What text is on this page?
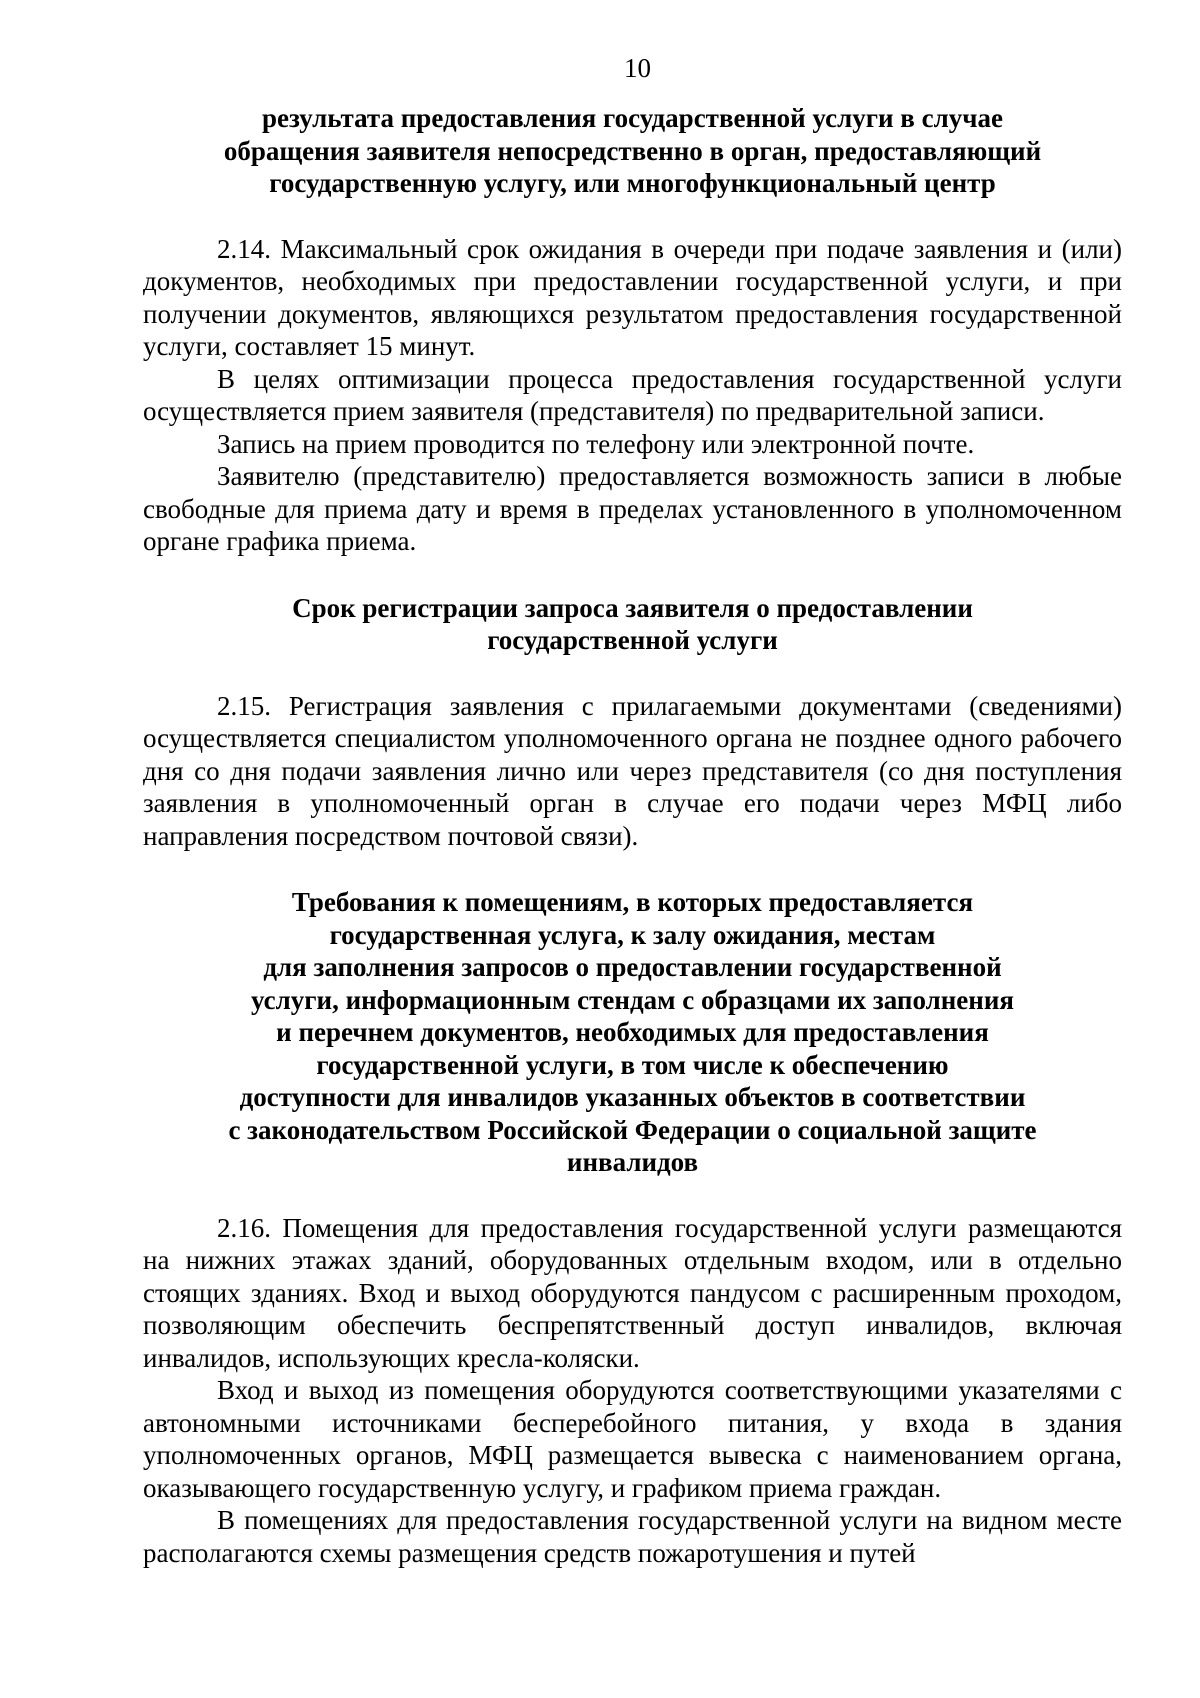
10
результата предоставления государственной услуги в случае
обращения заявителя непосредственно в орган, предоставляющий
государственную услугу, или многофункциональный центр

2.14. Максимальный срок ожидания в очереди при подаче заявления и (или) документов, необходимых при предоставлении государственной услуги, и при получении документов, являющихся результатом предоставления государственной услуги, составляет 15 минут.

В целях оптимизации процесса предоставления государственной услуги осуществляется прием заявителя (представителя) по предварительной записи.

Запись на прием проводится по телефону или электронной почте.

Заявителю (представителю) предоставляется возможность записи в любые свободные для приема дату и время в пределах установленного в уполномоченном органе графика приема.

Срок регистрации запроса заявителя о предоставлении
государственной услуги

2.15. Регистрация заявления с прилагаемыми документами (сведениями) осуществляется специалистом уполномоченного органа не позднее одного рабочего дня со дня подачи заявления лично или через представителя (со дня поступления заявления в уполномоченный орган в случае его подачи через МФЦ либо направления посредством почтовой связи).

Требования к помещениям, в которых предоставляется
государственная услуга, к залу ожидания, местам
для заполнения запросов о предоставлении государственной
услуги, информационным стендам с образцами их заполнения
и перечнем документов, необходимых для предоставления
государственной услуги, в том числе к обеспечению
доступности для инвалидов указанных объектов в соответствии
с законодательством Российской Федерации о социальной защите
инвалидов

2.16. Помещения для предоставления государственной услуги размещаются на нижних этажах зданий, оборудованных отдельным входом, или в отдельно стоящих зданиях. Вход и выход оборудуются пандусом с расширенным проходом, позволяющим обеспечить беспрепятственный доступ инвалидов, включая инвалидов, использующих кресла-коляски.

Вход и выход из помещения оборудуются соответствующими указателями с автономными источниками бесперебойного питания, у входа в здания уполномоченных органов, МФЦ размещается вывеска с наименованием органа, оказывающего государственную услугу, и графиком приема граждан.

В помещениях для предоставления государственной услуги на видном месте располагаются схемы размещения средств пожаротушения и путей
